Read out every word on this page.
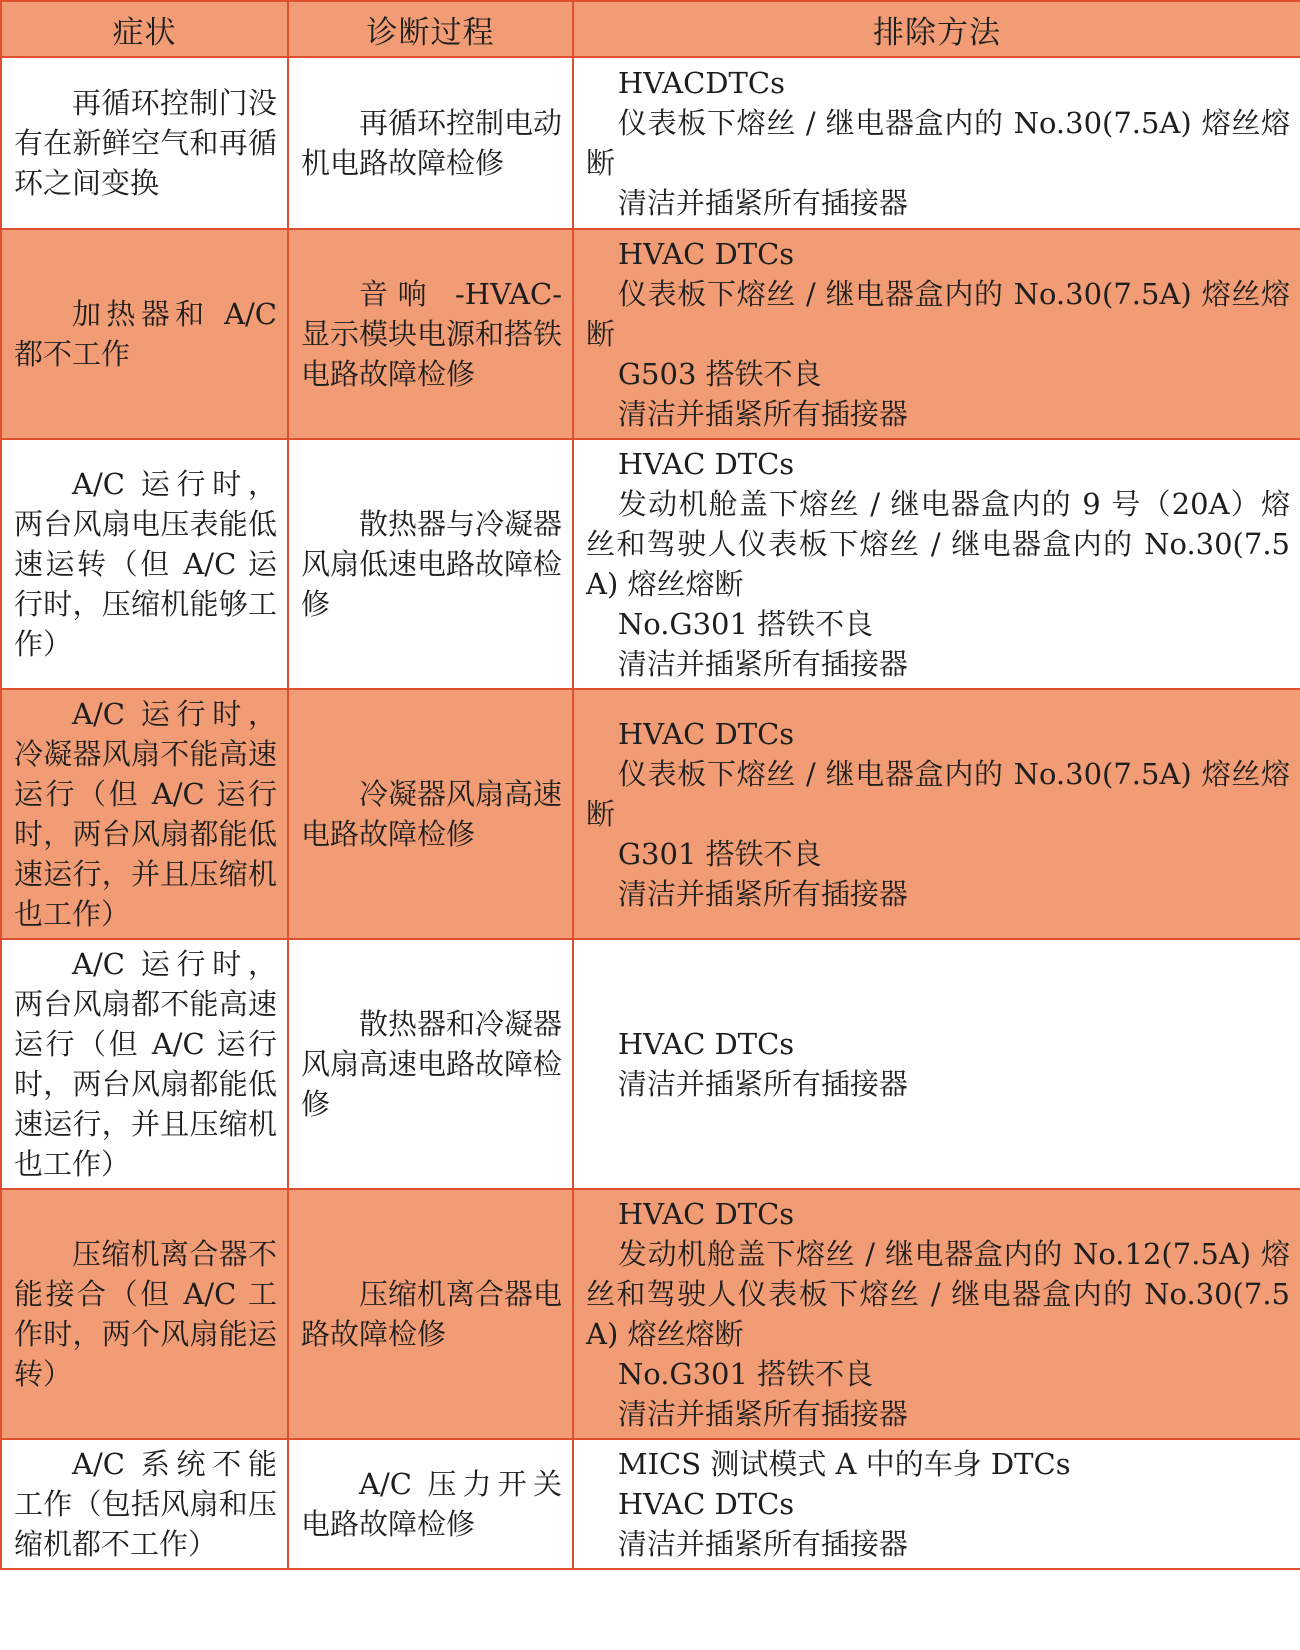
症状	诊断过程	排除方法

再循环控制门没有在新鲜空气和再循环之间变换	再循环控制电动机电路故障检修	HVACDTCs
仪表板下熔丝 / 继电器盒内的 No.30(7.5A) 熔丝熔断
清洁并插紧所有插接器

加热器和 A/C 都不工作	音响 -HVAC- 显示模块电源和搭铁电路故障检修	HVAC DTCs
仪表板下熔丝 / 继电器盒内的 No.30(7.5A) 熔丝熔断
G503 搭铁不良
清洁并插紧所有插接器

A/C 运行时，两台风扇电压表能低速运转（但 A/C 运行时，压缩机能够工作）	散热器与冷凝器风扇低速电路故障检修	HVAC DTCs
发动机舱盖下熔丝 / 继电器盒内的 9 号（20A）熔丝和驾驶人仪表板下熔丝 / 继电器盒内的 No.30(7.5A) 熔丝熔断
No.G301 搭铁不良
清洁并插紧所有插接器

A/C 运行时，冷凝器风扇不能高速运行（但 A/C 运行时，两台风扇都能低速运行，并且压缩机也工作）	冷凝器风扇高速电路故障检修	HVAC DTCs
仪表板下熔丝 / 继电器盒内的 No.30(7.5A) 熔丝熔断
G301 搭铁不良
清洁并插紧所有插接器

A/C 运行时，两台风扇都不能高速运行（但 A/C 运行时，两台风扇都能低速运行，并且压缩机也工作）	散热器和冷凝器风扇高速电路故障检修	HVAC DTCs
清洁并插紧所有插接器

压缩机离合器不能接合（但 A/C 工作时，两个风扇能运转）	压缩机离合器电路故障检修	HVAC DTCs
发动机舱盖下熔丝 / 继电器盒内的 No.12(7.5A) 熔丝和驾驶人仪表板下熔丝 / 继电器盒内的 No.30(7.5A) 熔丝熔断
No.G301 搭铁不良
清洁并插紧所有插接器

A/C 系统不能工作（包括风扇和压缩机都不工作）	A/C 压力开关电路故障检修	MICS 测试模式 A 中的车身 DTCs
HVAC DTCs
清洁并插紧所有插接器
